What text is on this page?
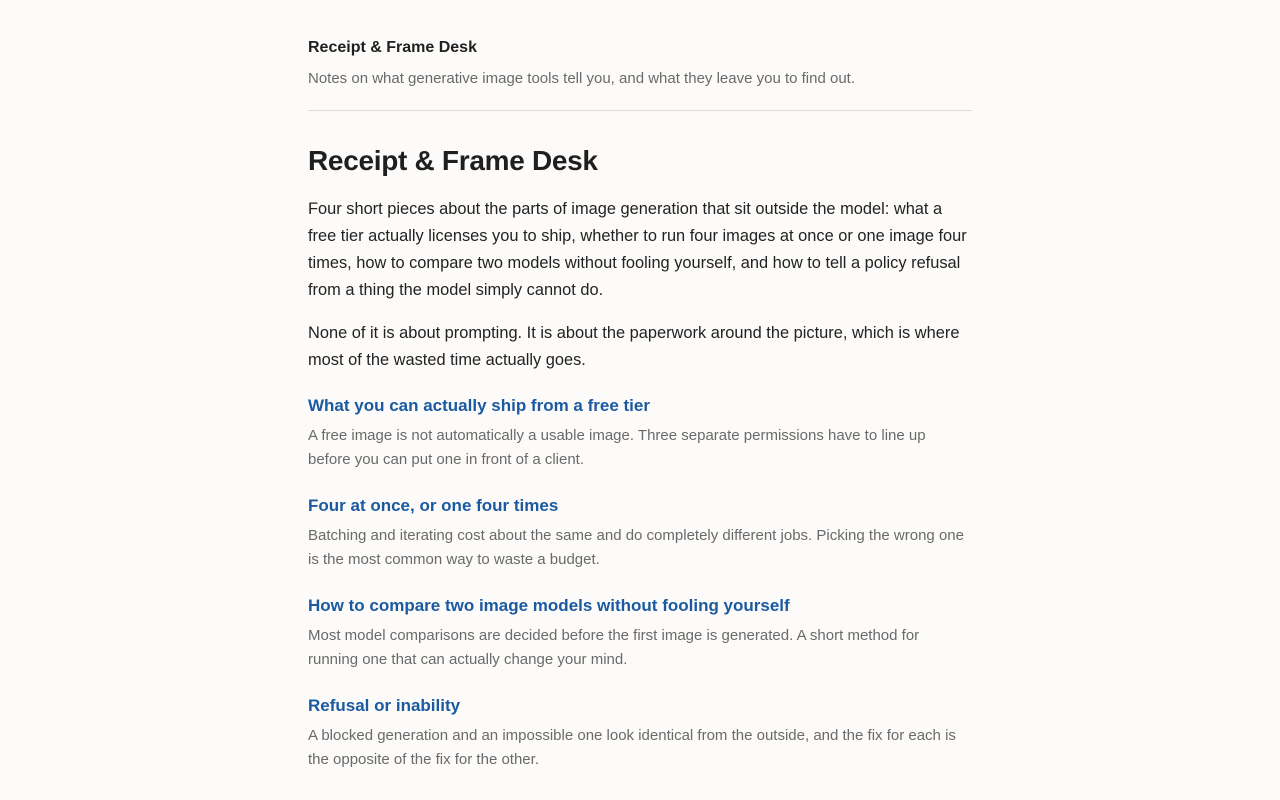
Receipt & Frame Desk

Notes on what generative image tools tell you, and what they leave you to find out.

Receipt & Frame Desk

Four short pieces about the parts of image generation that sit outside the model: what a free tier actually licenses you to ship, whether to run four images at once or one image four times, how to compare two models without fooling yourself, and how to tell a policy refusal from a thing the model simply cannot do.

None of it is about prompting. It is about the paperwork around the picture, which is where most of the wasted time actually goes.

What you can actually ship from a free tier

A free image is not automatically a usable image. Three separate permissions have to line up before you can put one in front of a client.

Four at once, or one four times

Batching and iterating cost about the same and do completely different jobs. Picking the wrong one is the most common way to waste a budget.

How to compare two image models without fooling yourself

Most model comparisons are decided before the first image is generated. A short method for running one that can actually change your mind.

Refusal or inability

A blocked generation and an impossible one look identical from the outside, and the fix for each is the opposite of the fix for the other.
